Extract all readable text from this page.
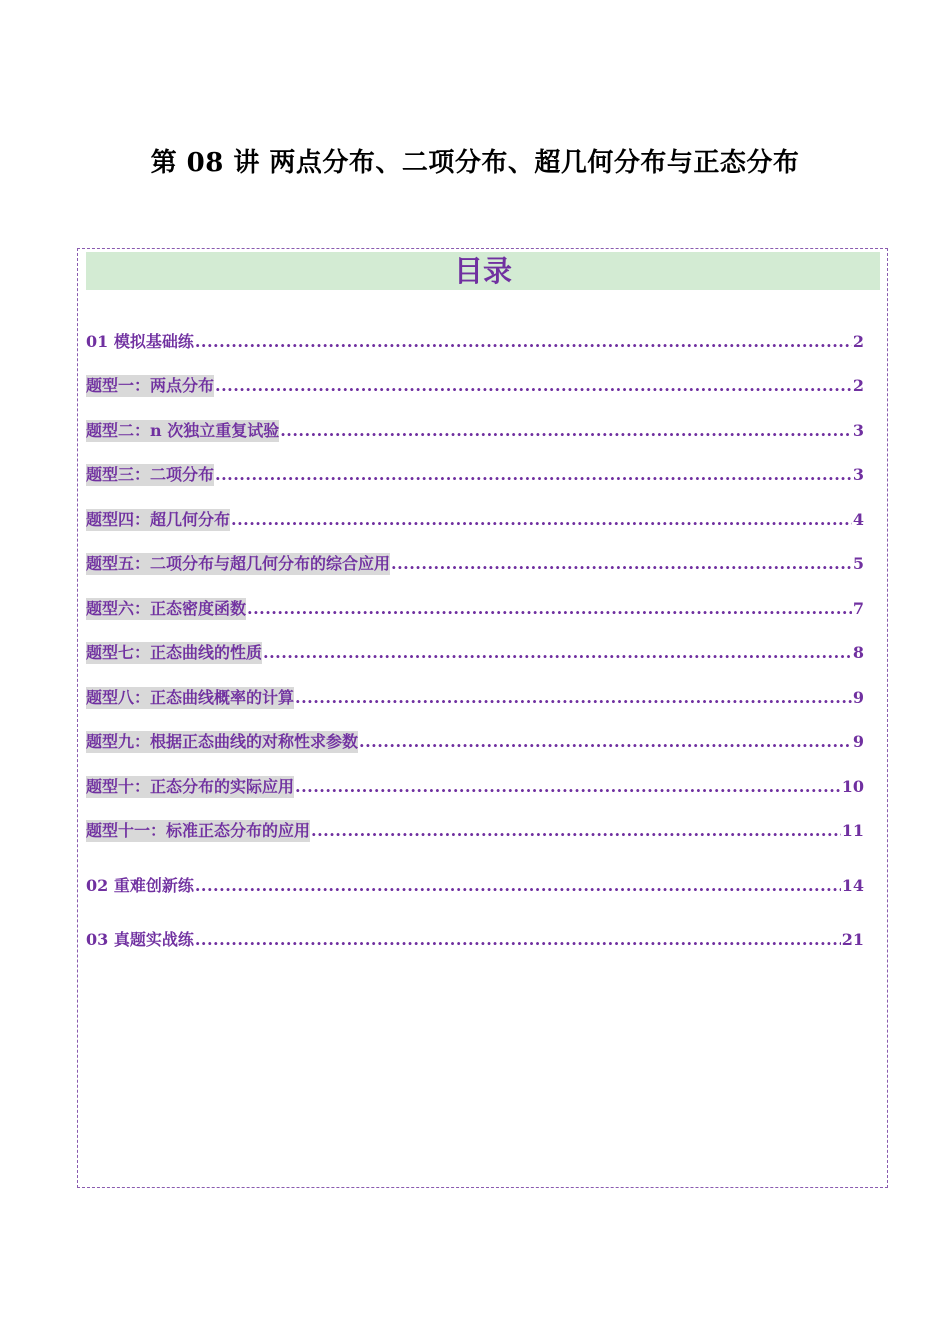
第 08 讲 两点分布、二项分布、超几何分布与正态分布
目录
01 模拟基础练 .....	2
题型一：两点分布 .....	2
题型二：n 次独立重复试验 .....	3
题型三：二项分布 .....	3
题型四：超几何分布 .....	4
题型五：二项分布与超几何分布的综合应用 .....	5
题型六：正态密度函数 .....	7
题型七：正态曲线的性质 .....	8
题型八：正态曲线概率的计算 .....	9
题型九：根据正态曲线的对称性求参数 .....	9
题型十：正态分布的实际应用 .....	10
题型十一：标准正态分布的应用 .....	11
02 重难创新练 .....	14
03 真题实战练 .....	21
